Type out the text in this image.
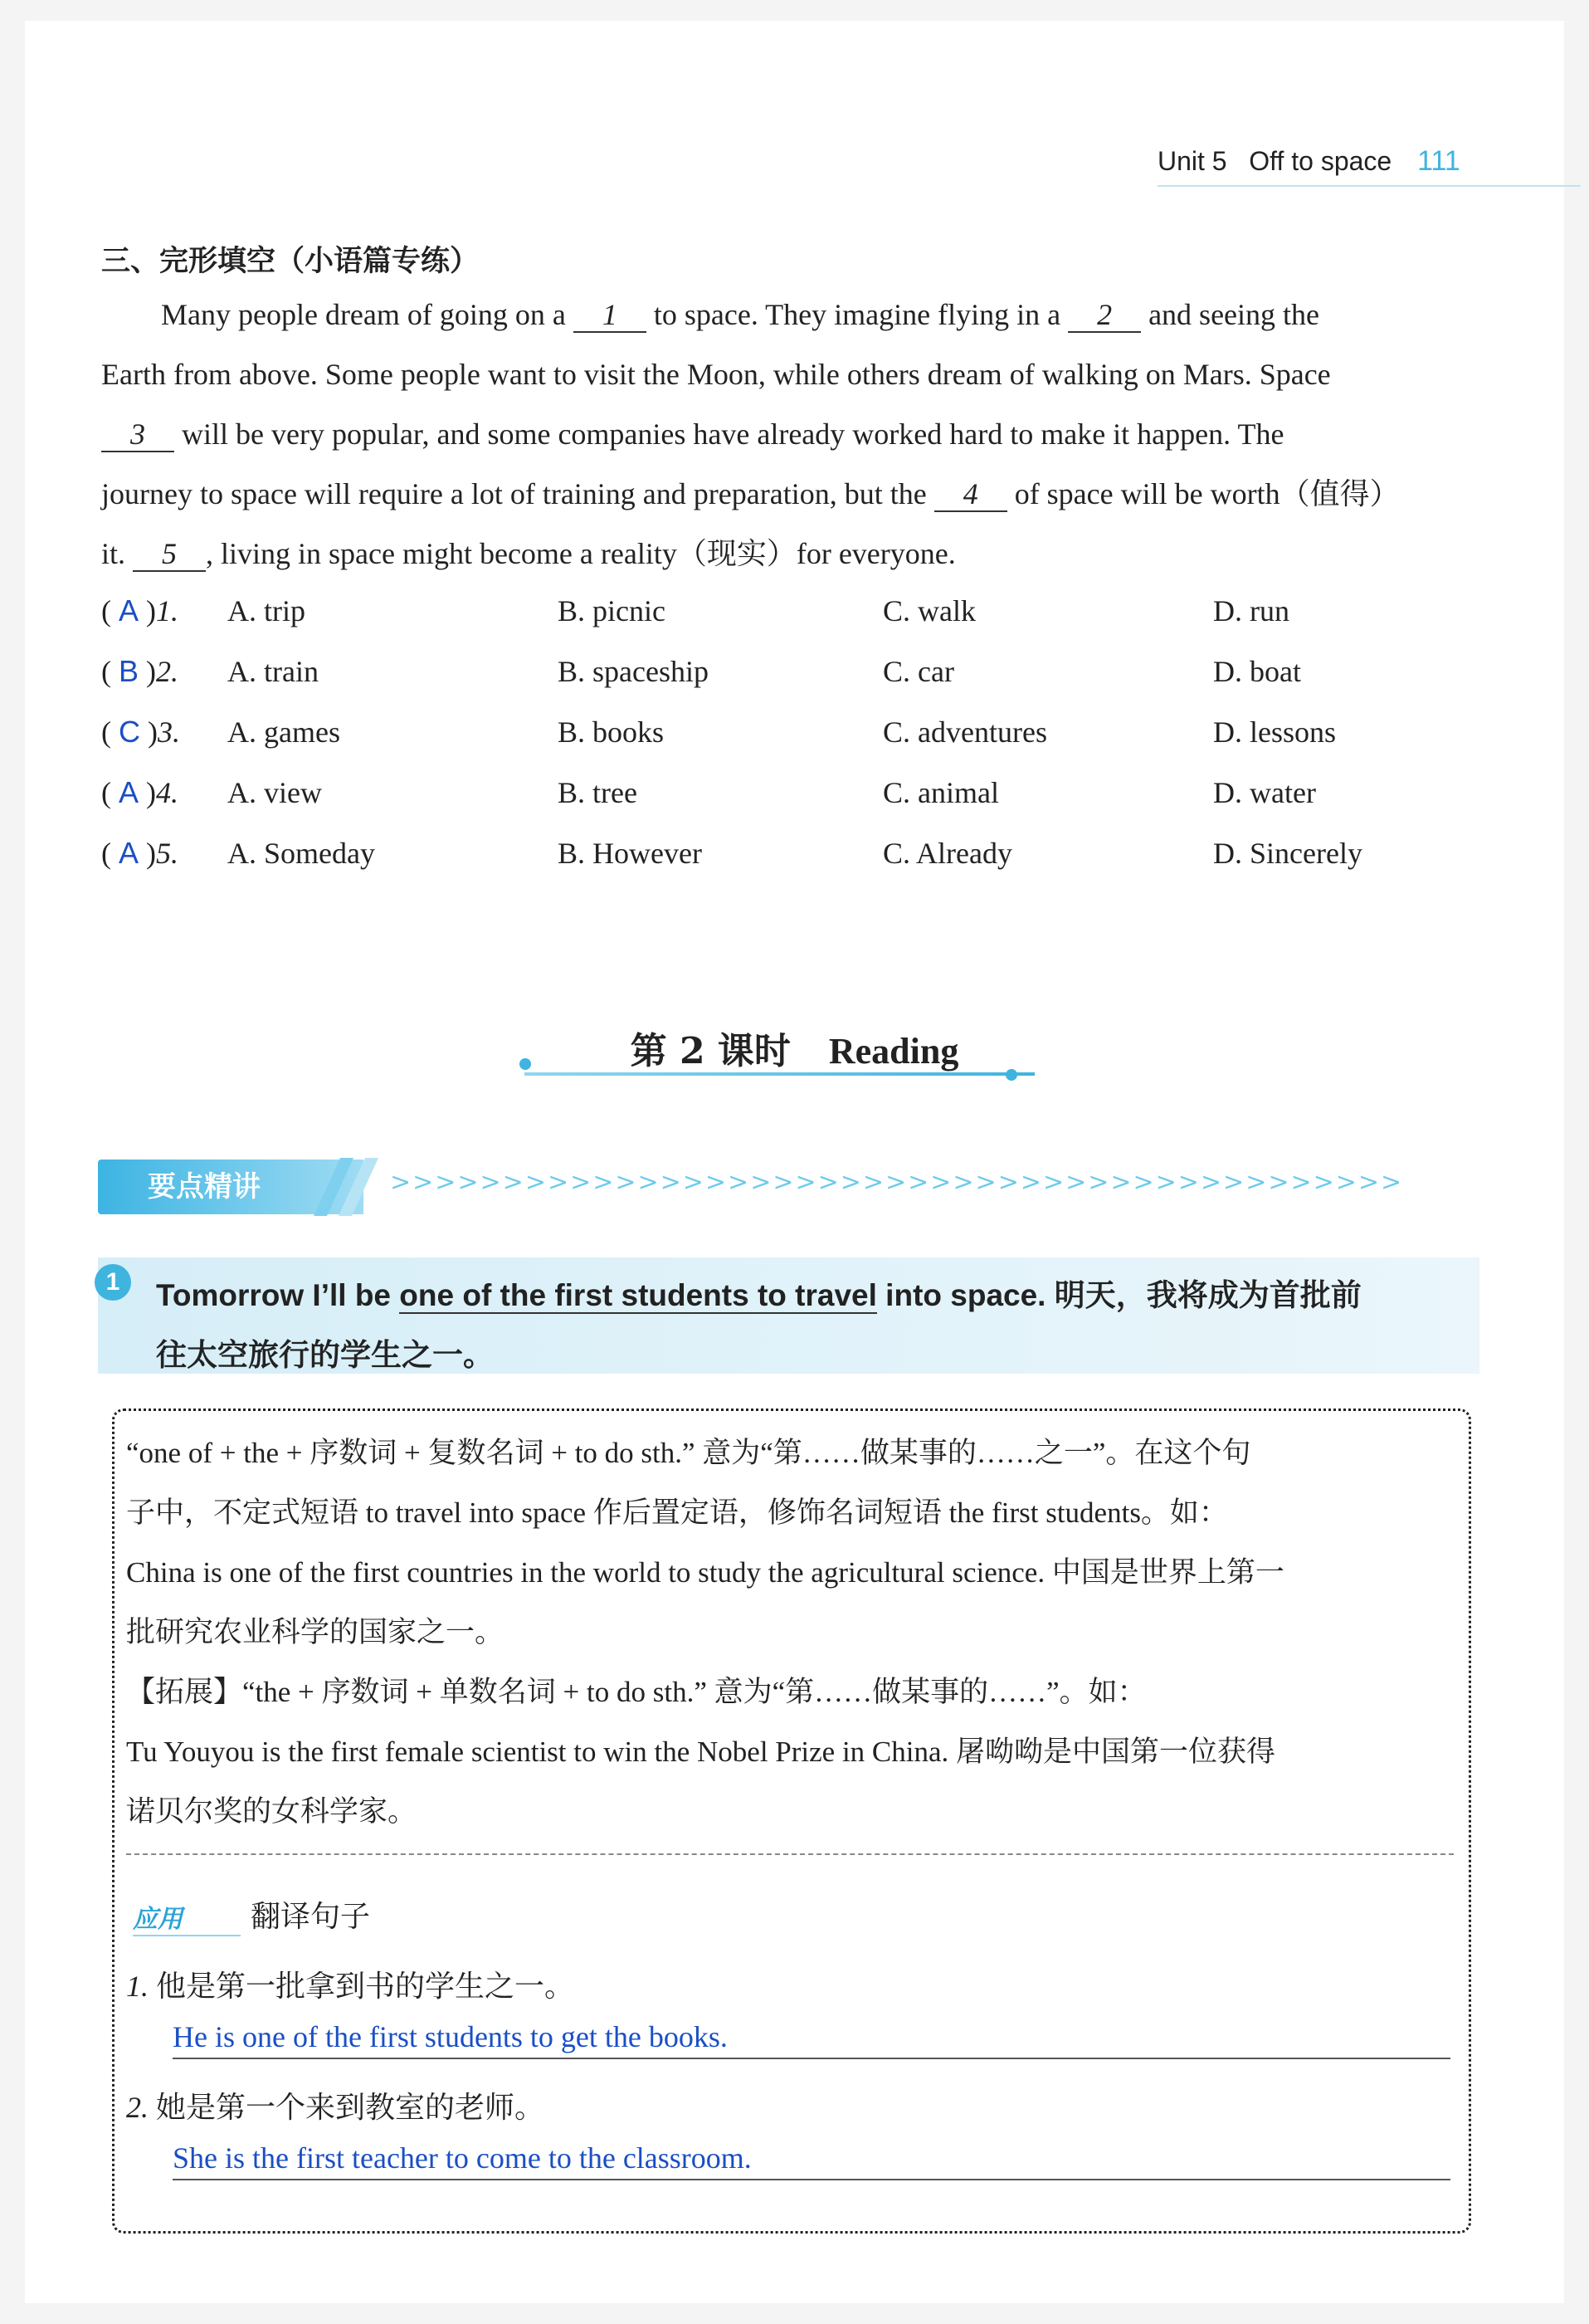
Unit 5 Off to space 111
三、完形填空（小语篇专练）
Many people dream of going on a 1 to space. They imagine flying in a 2 and seeing the
Earth from above. Some people want to visit the Moon, while others dream of walking on Mars. Space
3 will be very popular, and some companies have already worked hard to make it happen. The
journey to space will require a lot of training and preparation, but the 4 of space will be worth（值得）
it. 5 , living in space might become a reality（现实）for everyone.
( A )1. A. trip	B. picnic	C. walk	D. run
( B )2. A. train	B. spaceship	C. car	D. boat
( C )3. A. games	B. books	C. adventures	D. lessons
( A )4. A. view	B. tree	C. animal	D. water
( A )5. A. Someday	B. However	C. Already	D. Sincerely
第 2 课时 Reading
要点精讲	>>>>>>>>>>>>>>>>>>>>>>>>>>>>>>>>>>>>>>>>>>>>>
1	Tomorrow I’ll be one of the first students to travel into space. 明天，我将成为首批前
往太空旅行的学生之一。
“one of + the + 序数词 + 复数名词 + to do sth.” 意为“第……做某事的……之一”。在这个句
子中，不定式短语 to travel into space 作后置定语，修饰名词短语 the first students。如：
China is one of the first countries in the world to study the agricultural science. 中国是世界上第一
批研究农业科学的国家之一。
【拓展】“the + 序数词 + 单数名词 + to do sth.” 意为“第……做某事的……”。如：
Tu Youyou is the first female scientist to win the Nobel Prize in China. 屠呦呦是中国第一位获得
诺贝尔奖的女科学家。
应用 翻译句子
1. 他是第一批拿到书的学生之一。
He is one of the first students to get the books.
2. 她是第一个来到教室的老师。
She is the first teacher to come to the classroom.
